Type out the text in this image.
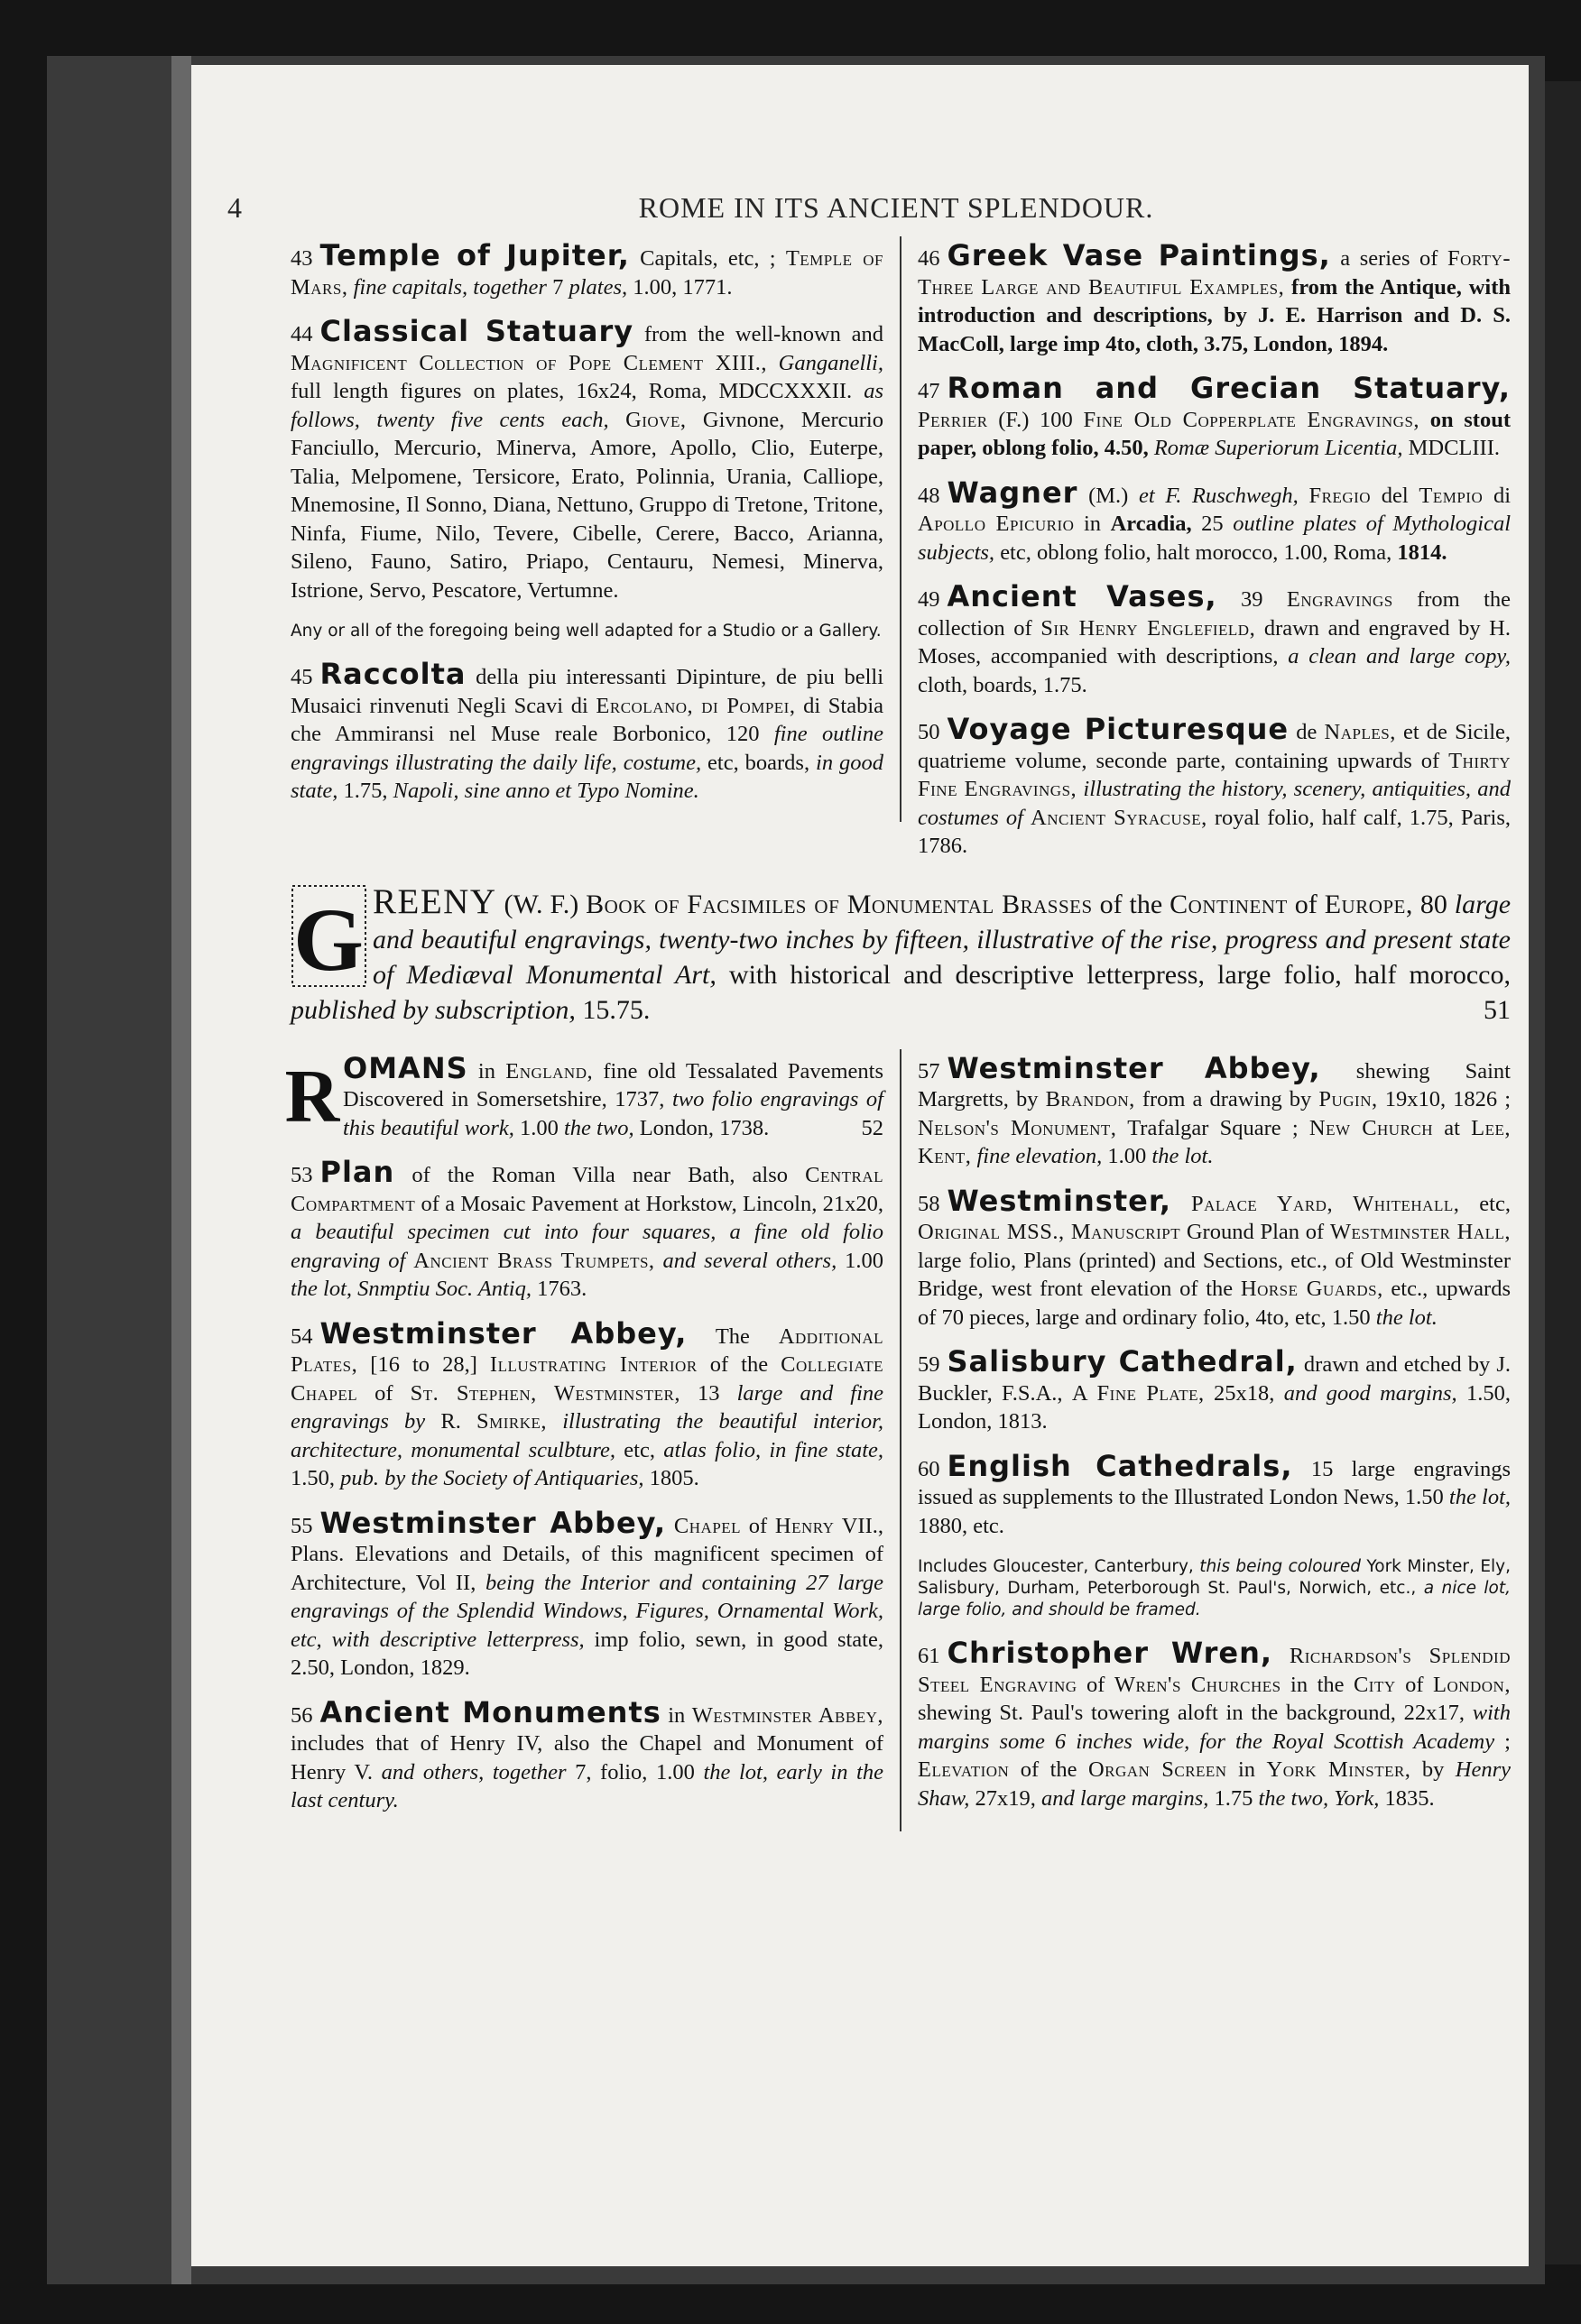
4	ROME IN ITS ANCIENT SPLENDOUR.
43 Temple of Jupiter, Capitals, etc, ; Temple of Mars, fine capitals, together 7 plates, 1.00, 1771.
44 Classical Statuary from the well-known and Magnificent Collection of Pope Clement XIII., Ganganelli, full length figures on plates, 16x24, Roma, MDCCXXXII. as follows, twenty five cents each, Giove, Givnone, Mercurio Fanciullo, Mercurio, Minerva, Amore, Apollo, Clio, Euterpe, Talia, Melpomene, Tersicore, Erato, Polinnia, Urania, Calliope, Mnemosine, Il Sonno, Diana, Nettuno, Gruppo di Tretone, Tritone, Ninfa, Fiume, Nilo, Tevere, Cibelle, Cerere, Bacco, Arianna, Sileno, Fauno, Satiro, Priapo, Centauru, Nemesi, Minerva, Istrione, Servo, Pescatore, Vertumne.
Any or all of the foregoing being well adapted for a Studio or a Gallery.
45 Raccolta della piu interessanti Dipinture, de piu belli Musaici rinvenuti Negli Scavi di Ercolano, di Pompei, di Stabia che Ammiransi nel Muse reale Borbonico, 120 fine outline engravings illustrating the daily life, costume, etc, boards, in good state, 1.75, Napoli, sine anno et Typo Nomine.
46 Greek Vase Paintings, a series of Forty-Three Large and Beautiful Examples, from the Antique, with introduction and descriptions, by J. E. Harrison and D. S. MacColl, large imp 4to, cloth, 3.75, London, 1894.
47 Roman and Grecian Statuary, Perrier (F.) 100 Fine Old Copperplate Engravings, on stout paper, oblong folio, 4.50, Romæ Superiorum Licentia, MDCLIII.
48 Wagner (M.) et F. Ruschwegh, Fregio del Tempio di Apollo Epicurio in Arcadia, 25 outline plates of Mythological subjects, etc, oblong folio, halt morocco, 1.00, Roma, 1814.
49 Ancient Vases, 39 Engravings from the collection of Sir Henry Englefield, drawn and engraved by H. Moses, accompanied with descriptions, a clean and large copy, cloth, boards, 1.75.
50 Voyage Picturesque de Naples, et de Sicile, quatrieme volume, seconde parte, containing upwards of Thirty Fine Engravings, illustrating the history, scenery, antiquities, and costumes of Ancient Syracuse, royal folio, half calf, 1.75, Paris, 1786.
G REENY (W. F.) Book of Facsimiles of Monumental Brasses of the Continent of Europe, 80 large and beautiful engravings, twenty-two inches by fifteen, illustrative of the rise, progress and present state of Mediæval Monumental Art, with historical and descriptive letterpress, large folio, half morocco, published by subscription, 15.75.	51
R OMANS in England, fine old Tessalated Pavements Discovered in Somersetshire, 1737, two folio engravings of this beautiful work, 1.00 the two, London, 1738.	52
53 Plan of the Roman Villa near Bath, also Central Compartment of a Mosaic Pavement at Horkstow, Lincoln, 21x20, a beautiful specimen cut into four squares, a fine old folio engraving of Ancient Brass Trumpets, and several others, 1.00 the lot, Snmptiu Soc. Antiq, 1763.
54 Westminster Abbey, The Additional Plates, [16 to 28,] Illustrating Interior of the Collegiate Chapel of St. Stephen, Westminster, 13 large and fine engravings by R. Smirke, illustrating the beautiful interior, architecture, monumental sculbture, etc, atlas folio, in fine state, 1.50, pub. by the Society of Antiquaries, 1805.
55 Westminster Abbey, Chapel of Henry VII., Plans. Elevations and Details, of this magnificent specimen of Architecture, Vol II, being the Interior and containing 27 large engravings of the Splendid Windows, Figures, Ornamental Work, etc, with descriptive letterpress, imp folio, sewn, in good state, 2.50, London, 1829.
56 Ancient Monuments in Westminster Abbey, includes that of Henry IV, also the Chapel and Monument of Henry V. and others, together 7, folio, 1.00 the lot, early in the last century.
57 Westminster Abbey, shewing Saint Margretts, by Brandon, from a drawing by Pugin, 19x10, 1826 ; Nelson's Monument, Trafalgar Square ; New Church at Lee, Kent, fine elevation, 1.00 the lot.
58 Westminster, Palace Yard, Whitehall, etc, Original MSS., Manuscript Ground Plan of Westminster Hall, large folio, Plans (printed) and Sections, etc., of Old Westminster Bridge, west front elevation of the Horse Guards, etc., upwards of 70 pieces, large and ordinary folio, 4to, etc, 1.50 the lot.
59 Salisbury Cathedral, drawn and etched by J. Buckler, F.S.A., A Fine Plate, 25x18, and good margins, 1.50, London, 1813.
60 English Cathedrals, 15 large engravings issued as supplements to the Illustrated London News, 1.50 the lot, 1880, etc.
Includes Gloucester, Canterbury, this being coloured York Minster, Ely, Salisbury, Durham, Peterborough St. Paul's, Norwich, etc., a nice lot, large folio, and should be framed.
61 Christopher Wren, Richardson's Splendid Steel Engraving of Wren's Churches in the City of London, shewing St. Paul's towering aloft in the background, 22x17, with margins some 6 inches wide, for the Royal Scottish Academy ; Elevation of the Organ Screen in York Minster, by Henry Shaw, 27x19, and large margins, 1.75 the two, York, 1835.
